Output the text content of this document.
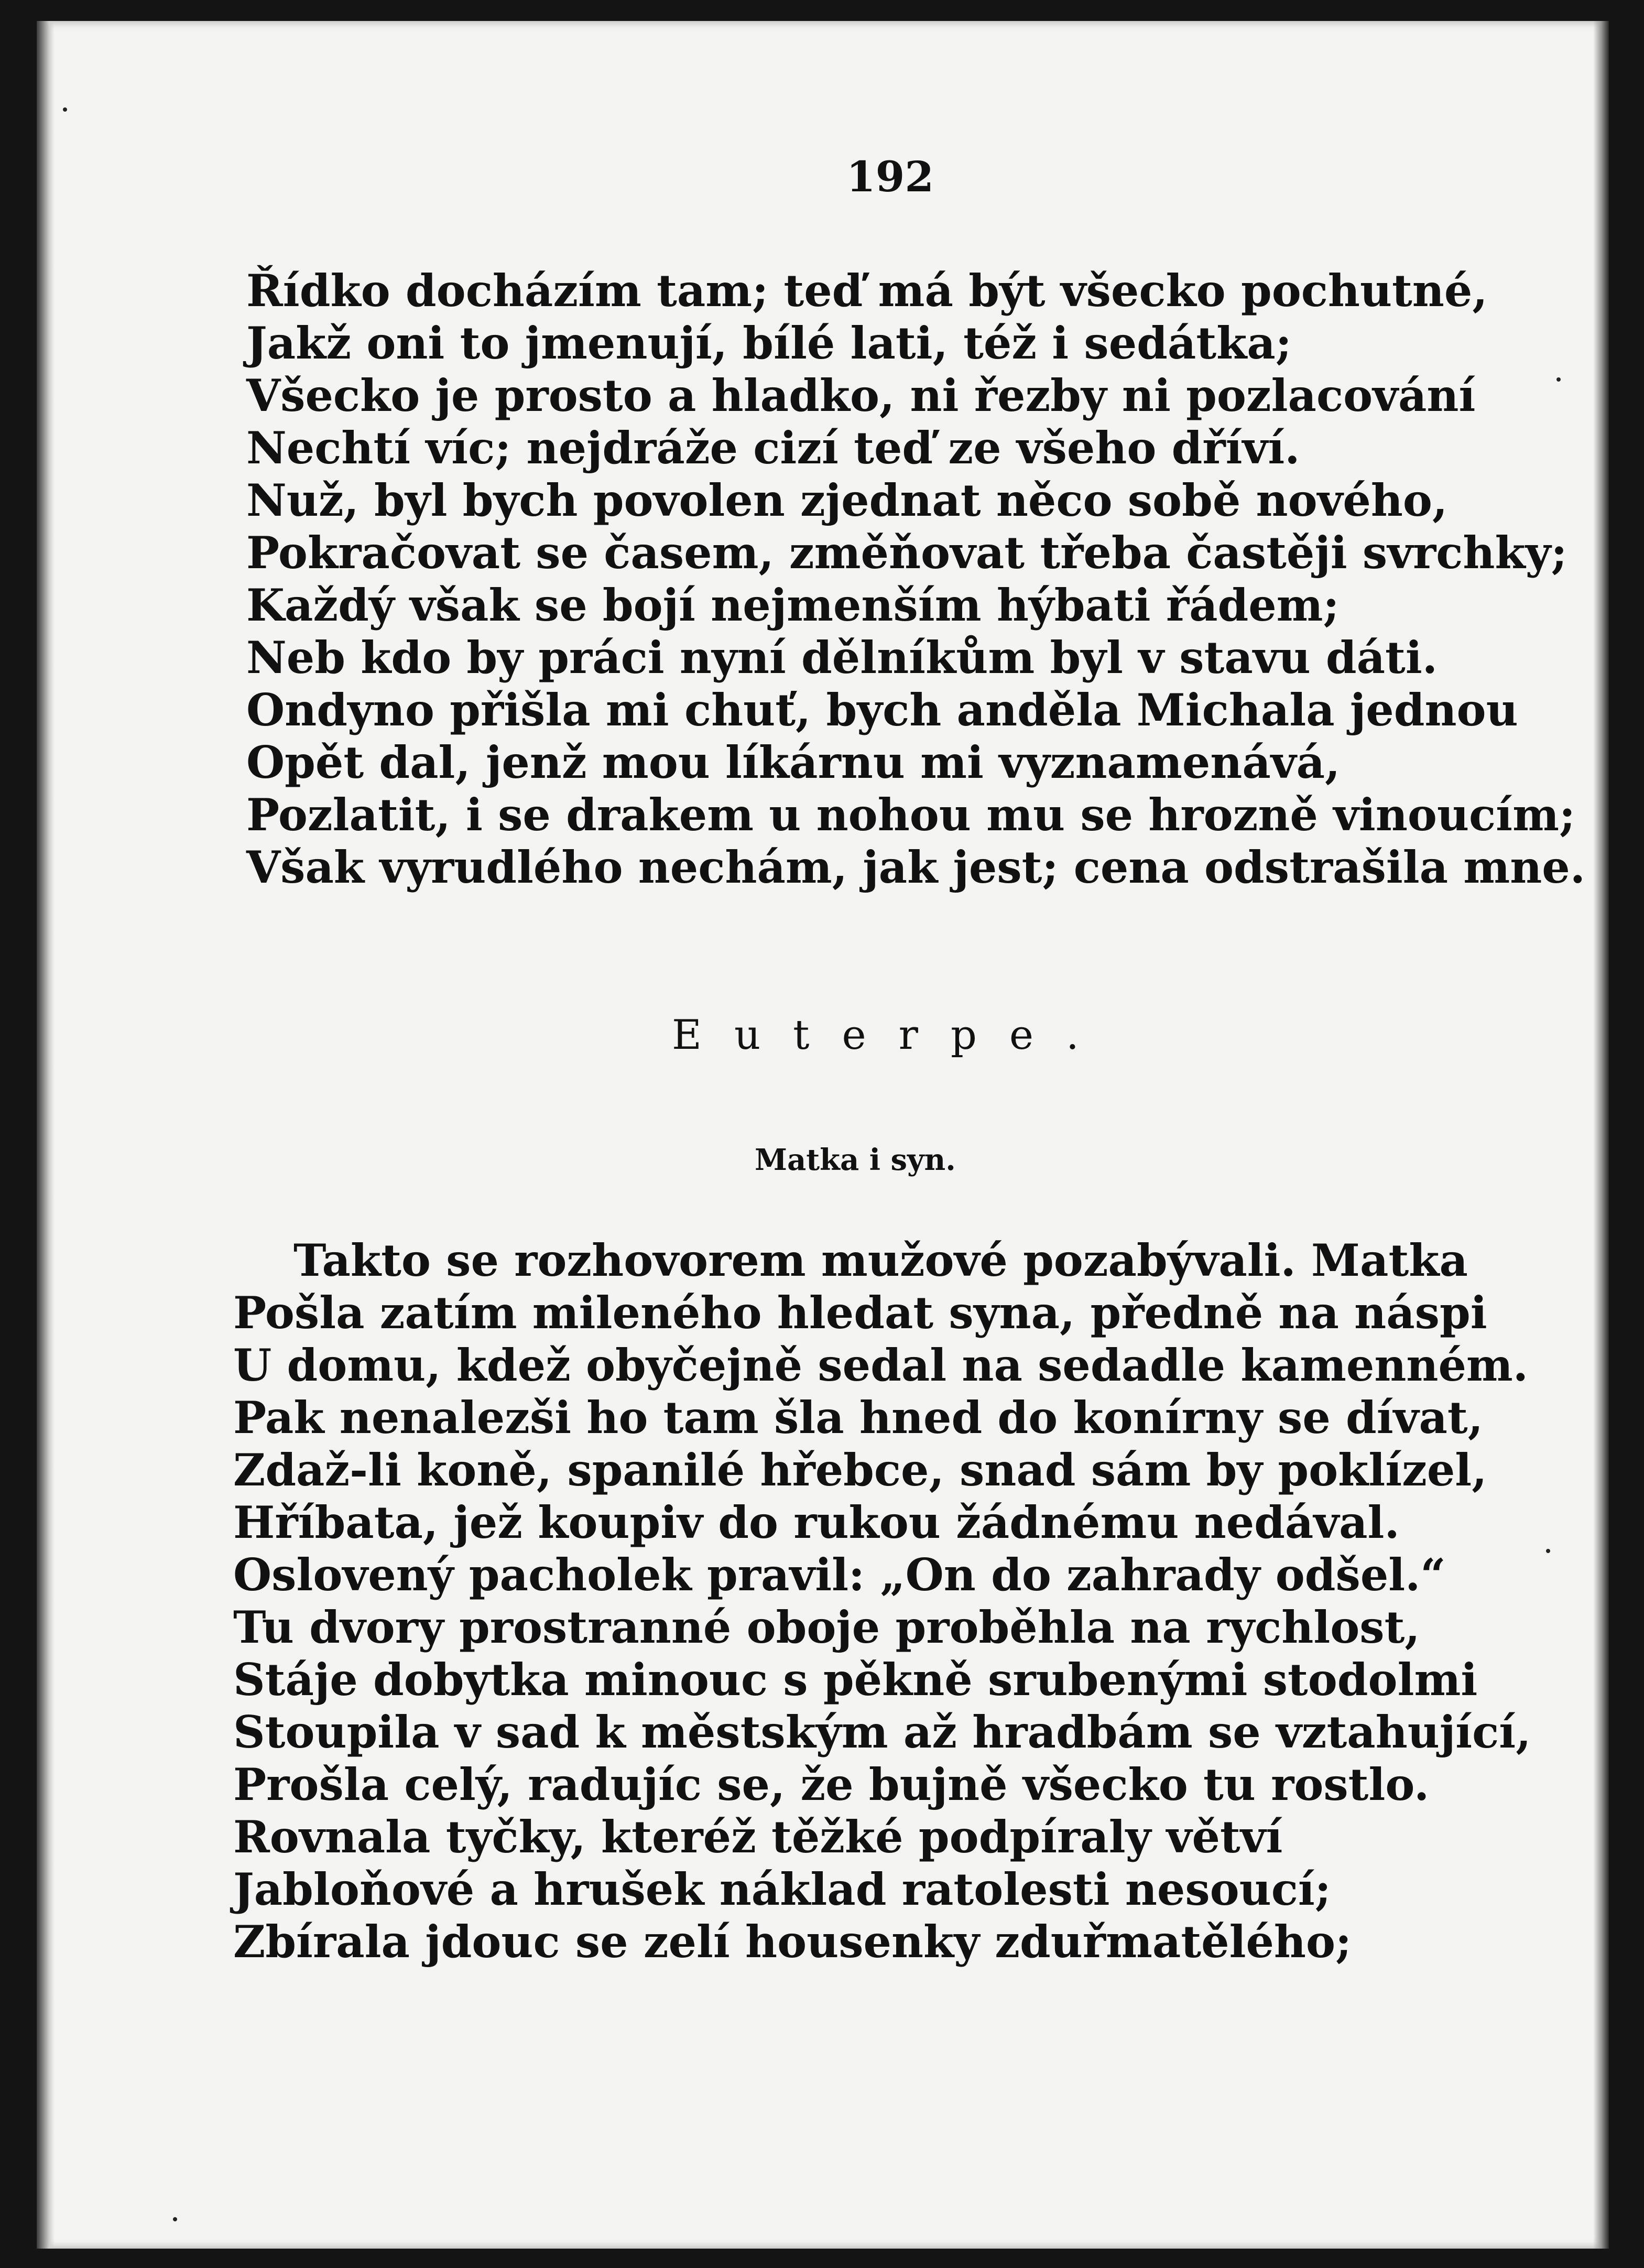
192
Řídko docházím tam; teď má být všecko pochutné,
Jakž oni to jmenují, bílé lati, též i sedátka;
Všecko je prosto a hladko, ni řezby ni pozlacování
Nechtí víc; nejdráže cizí teď ze všeho dříví.
Nuž, byl bych povolen zjednat něco sobě nového,
Pokračovat se časem, změňovat třeba častěji svrchky;
Každý však se bojí nejmenším hýbati řádem;
Neb kdo by práci nyní dělníkům byl v stavu dáti.
Ondyno přišla mi chuť, bych anděla Michala jednou
Opět dal, jenž mou líkárnu mi vyznamenává,
Pozlatit, i se drakem u nohou mu se hrozně vinoucím;
Však vyrudlého nechám, jak jest; cena odstrašila mne.
Euterpe.
Matka i syn.
Takto se rozhovorem mužové pozabývali. Matka
Pošla zatím mileného hledat syna, předně na náspi
U domu, kdež obyčejně sedal na sedadle kamenném.
Pak nenalezši ho tam šla hned do konírny se dívat,
Zdaž-li koně, spanilé hřebce, snad sám by poklízel,
Hříbata, jež koupiv do rukou žádnému nedával.
Oslovený pacholek pravil: „On do zahrady odšel.“
Tu dvory prostranné oboje proběhla na rychlost,
Stáje dobytka minouc s pěkně srubenými stodolmi
Stoupila v sad k městským až hradbám se vztahující,
Prošla celý, radujíc se, že bujně všecko tu rostlo.
Rovnala tyčky, kteréž těžké podpíraly větví
Jabloňové a hrušek náklad ratolesti nesoucí;
Zbírala jdouc se zelí housenky zduřmatělého;
